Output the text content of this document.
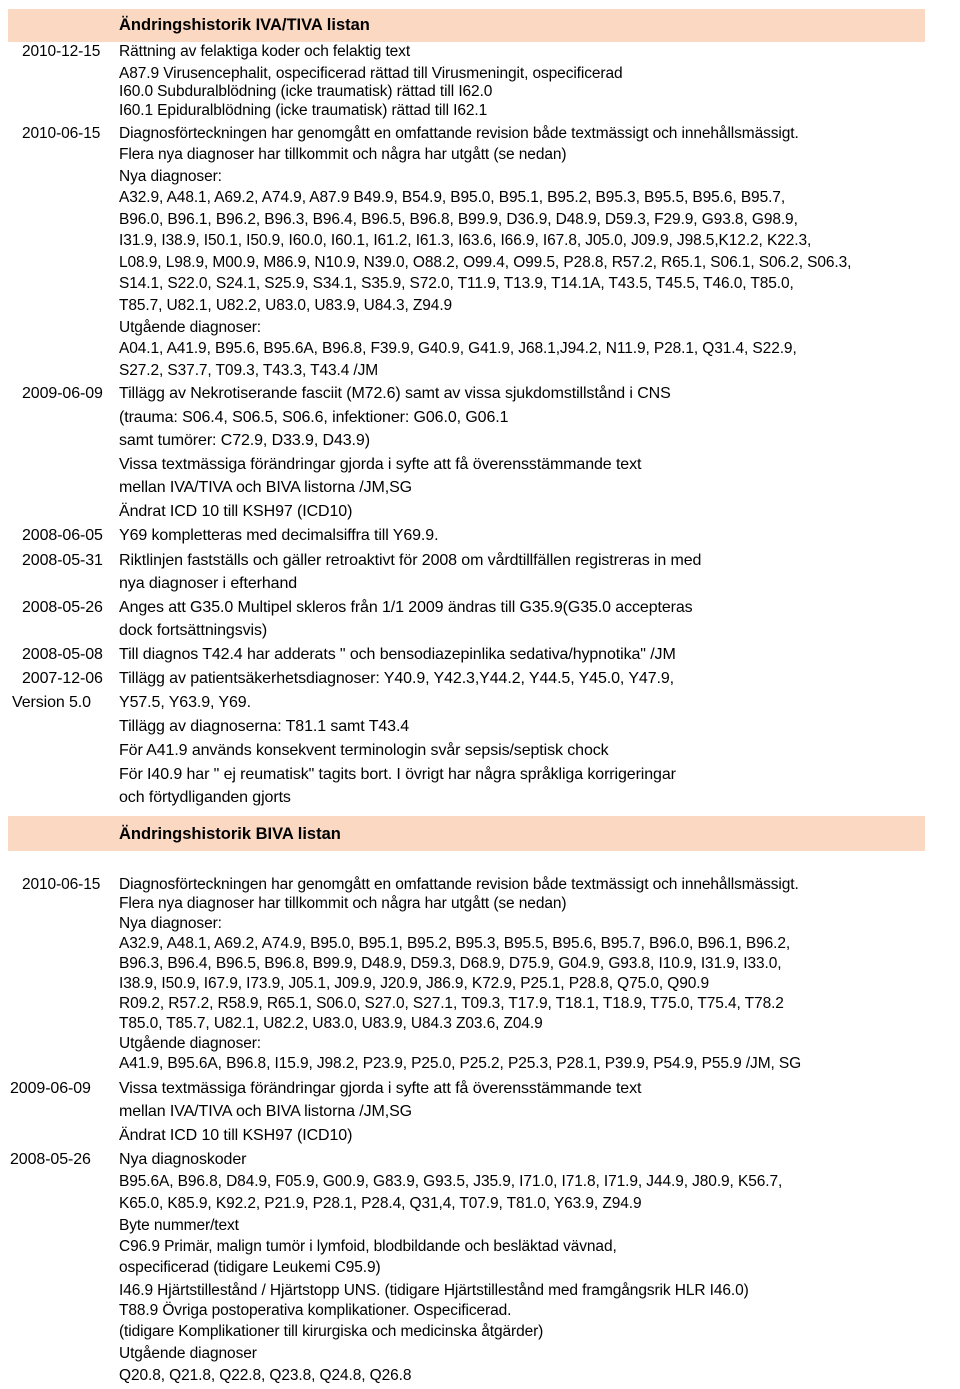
Ändringshistorik IVA/TIVA listan
2010-12-15 Rättning av felaktiga koder och felaktig text
A87.9 Virusencephalit, ospecificerad rättad till Virusmeningit, ospecificerad
I60.0 Subduralblödning (icke traumatisk) rättad till I62.0
I60.1 Epiduralblödning (icke traumatisk) rättad till I62.1
2010-06-15 Diagnosförteckningen har genomgått en omfattande revision både textmässigt och innehållsmässigt.
Flera nya diagnoser har tillkommit och några har utgått (se nedan)
Nya diagnoser:
A32.9, A48.1, A69.2, A74.9, A87.9 B49.9, B54.9, B95.0, B95.1, B95.2, B95.3, B95.5, B95.6, B95.7,
B96.0, B96.1, B96.2, B96.3, B96.4, B96.5, B96.8, B99.9, D36.9, D48.9, D59.3, F29.9, G93.8, G98.9,
I31.9, I38.9, I50.1, I50.9, I60.0, I60.1, I61.2, I61.3, I63.6, I66.9, I67.8, J05.0, J09.9, J98.5,K12.2, K22.3,
L08.9, L98.9, M00.9, M86.9, N10.9, N39.0, O88.2, O99.4, O99.5, P28.8, R57.2, R65.1, S06.1, S06.2, S06.3,
S14.1, S22.0, S24.1, S25.9, S34.1, S35.9, S72.0, T11.9, T13.9, T14.1A, T43.5, T45.5, T46.0, T85.0,
T85.7, U82.1, U82.2, U83.0, U83.9, U84.3, Z94.9
Utgående diagnoser:
A04.1, A41.9, B95.6, B95.6A, B96.8, F39.9, G40.9, G41.9, J68.1,J94.2, N11.9, P28.1, Q31.4, S22.9,
S27.2, S37.7, T09.3, T43.3, T43.4 /JM
2009-06-09 Tillägg av Nekrotiserande fasciit (M72.6) samt av vissa sjukdomstillstånd i CNS
(trauma: S06.4, S06.5, S06.6, infektioner: G06.0, G06.1
samt tumörer: C72.9, D33.9, D43.9)
Vissa textmässiga förändringar gjorda i syfte att få överensstämmande text
mellan IVA/TIVA och BIVA listorna /JM,SG
Ändrat ICD 10 till KSH97 (ICD10)
2008-06-05 Y69 kompletteras med decimalsiffra till Y69.9.
2008-05-31 Riktlinjen fastställs och gäller retroaktivt för 2008 om vårdtillfällen registreras in med
nya diagnoser i efterhand
2008-05-26 Anges att G35.0 Multipel skleros från 1/1 2009 ändras till G35.9(G35.0 accepteras
dock fortsättningsvis)
2008-05-08 Till diagnos T42.4 har adderats " och bensodiazepinlika sedativa/hypnotika" /JM
2007-12-06 Tillägg av patientsäkerhetsdiagnoser: Y40.9, Y42.3,Y44.2, Y44.5, Y45.0, Y47.9,
Version 5.0 Y57.5, Y63.9, Y69.
Tillägg av diagnoserna: T81.1 samt T43.4
För A41.9 används konsekvent terminologin svår sepsis/septisk chock
För I40.9 har " ej reumatisk" tagits bort. I övrigt har några språkliga korrigeringar
och förtydliganden gjorts
Ändringshistorik BIVA listan
2010-06-15 Diagnosförteckningen har genomgått en omfattande revision både textmässigt och innehållsmässigt.
Flera nya diagnoser har tillkommit och några har utgått (se nedan)
Nya diagnoser:
A32.9, A48.1, A69.2, A74.9, B95.0, B95.1, B95.2, B95.3, B95.5, B95.6, B95.7, B96.0, B96.1, B96.2,
B96.3, B96.4, B96.5, B96.8, B99.9, D48.9, D59.3, D68.9, D75.9, G04.9, G93.8, I10.9, I31.9, I33.0,
I38.9, I50.9, I67.9, I73.9, J05.1, J09.9, J20.9, J86.9, K72.9, P25.1, P28.8, Q75.0, Q90.9
R09.2, R57.2, R58.9, R65.1, S06.0, S27.0, S27.1, T09.3, T17.9, T18.1, T18.9, T75.0, T75.4, T78.2
T85.0, T85.7, U82.1, U82.2, U83.0, U83.9, U84.3 Z03.6, Z04.9
Utgående diagnoser:
A41.9, B95.6A, B96.8, I15.9, J98.2, P23.9, P25.0, P25.2, P25.3, P28.1, P39.9, P54.9, P55.9 /JM, SG
2009-06-09 Vissa textmässiga förändringar gjorda i syfte att få överensstämmande text
mellan IVA/TIVA och BIVA listorna /JM,SG
Ändrat ICD 10 till KSH97 (ICD10)
2008-05-26 Nya diagnoskoder
B95.6A, B96.8, D84.9, F05.9, G00.9, G83.9, G93.5, J35.9, I71.0, I71.8, I71.9, J44.9, J80.9, K56.7,
K65.0, K85.9, K92.2, P21.9, P28.1, P28.4, Q31,4, T07.9, T81.0, Y63.9, Z94.9
Byte nummer/text
C96.9 Primär, malign tumör i lymfoid, blodbildande och besläktad vävnad,
ospecificerad (tidigare Leukemi C95.9)
I46.9 Hjärtstillestånd / Hjärtstopp UNS. (tidigare Hjärtstillestånd med framgångsrik HLR I46.0)
T88.9 Övriga postoperativa komplikationer. Ospecificerad.
(tidigare Komplikationer till kirurgiska och medicinska åtgärder)
Utgående diagnoser
Q20.8, Q21.8, Q22.8, Q23.8, Q24.8, Q26.8
